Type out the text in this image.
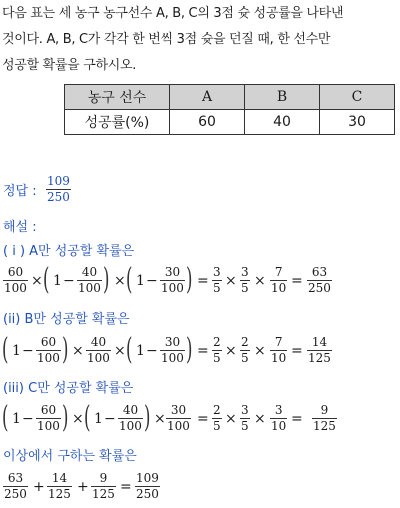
다음 표는 세 농구 농구선수 A, B, C의 3점 슛 성공률을 나타낸
것이다. A, B, C가 각각 한 번씩 3점 슛을 던질 때, 한 선수만
성공할 확률을 구하시오.
농구 선수	A	B	C
성공률(%)	60	40	30
정답 : $\frac{109}{250}$
해설 :
( i ) A만 성공할 확률은
$\frac{60}{100}$ × ( $1 - \frac{40}{100}$ ) × ( $1 - \frac{30}{100}$ ) = $\frac{3}{5} \times \frac{3}{5} \times \frac{7}{10} = \frac{63}{250}$
(ii) B만 성공할 확률은
( $1 - \frac{60}{100}$ ) × $\frac{40}{100}$ × ( $1 - \frac{30}{100}$ ) = $\frac{2}{5} \times \frac{2}{5} \times \frac{7}{10} = \frac{14}{125}$
(iii) C만 성공할 확률은
( $1 - \frac{60}{100}$ ) × ( $1 - \frac{40}{100}$ ) × $\frac{30}{100} = \frac{2}{5} \times \frac{3}{5} \times \frac{3}{10} = \frac{9}{125}$
이상에서 구하는 확률은
$\frac{63}{250} + \frac{14}{125} + \frac{9}{125} = \frac{109}{250}$
